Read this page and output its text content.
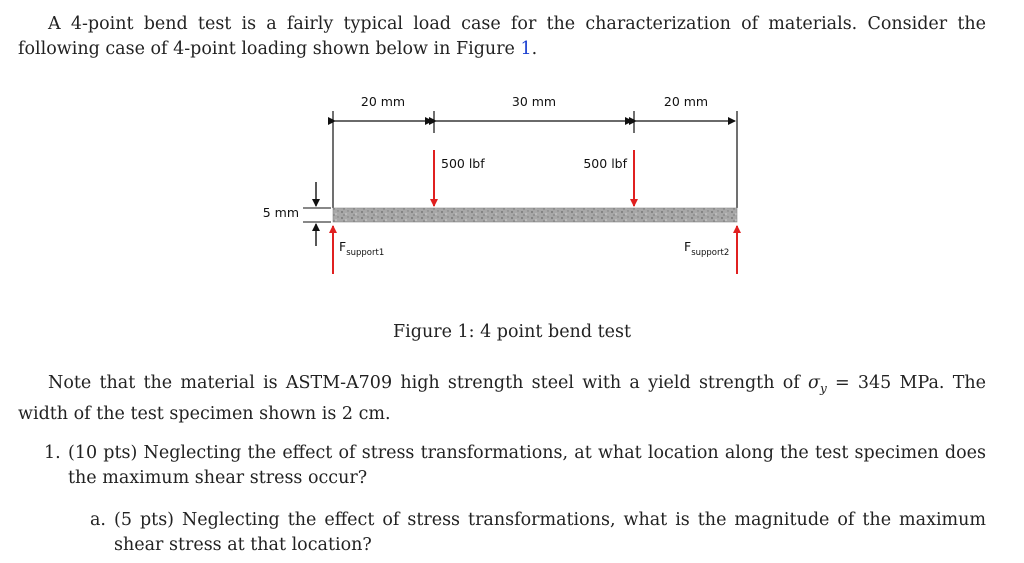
A 4-point bend test is a fairly typical load case for the characterization of materials. Consider the following case of 4-point loading shown below in Figure 1.

20 mm	30 mm	20 mm
500 lbf	500 lbf
5 mm
$F_{support1}$	$F_{support2}$
Figure 1: 4 point bend test

Note that the material is ASTM-A709 high strength steel with a yield strength of $\sigma_y = 345$ MPa. The width of the test specimen shown is 2 cm.

1. (10 pts) Neglecting the effect of stress transformations, at what location along the test specimen does the maximum shear stress occur?
a. (5 pts) Neglecting the effect of stress transformations, what is the magnitude of the maximum shear stress at that location?
